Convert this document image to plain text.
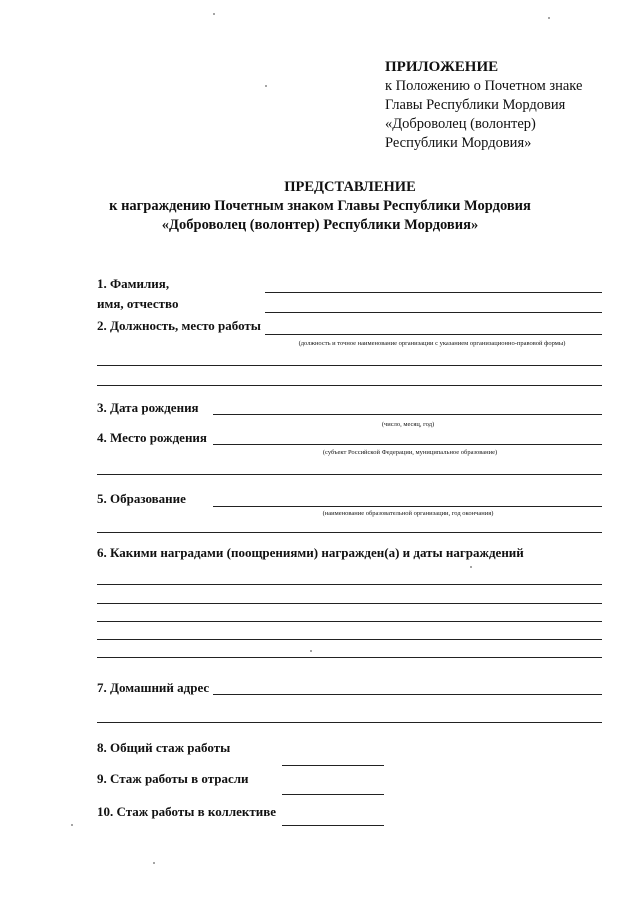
ПРИЛОЖЕНИЕ
к Положению о Почетном знаке
Главы Республики Мордовия
«Доброволец (волонтер)
Республики Мордовия»
ПРЕДСТАВЛЕНИЕ
к награждению Почетным знаком Главы Республики Мордовия
«Доброволец (волонтер) Республики Мордовия»
1. Фамилия,
имя, отчество
2. Должность, место работы
(должность и точное наименование организации с указанием организационно-правовой формы)
3. Дата рождения
(число, месяц, год)
4. Место рождения
(субъект Российской Федерации, муниципальное образование)
5. Образование
(наименование образовательной организации, год окончания)
6. Какими наградами (поощрениями) награжден(а) и даты награждений
7. Домашний адрес
8. Общий стаж работы
9. Стаж работы в отрасли
10. Стаж работы в коллективе
